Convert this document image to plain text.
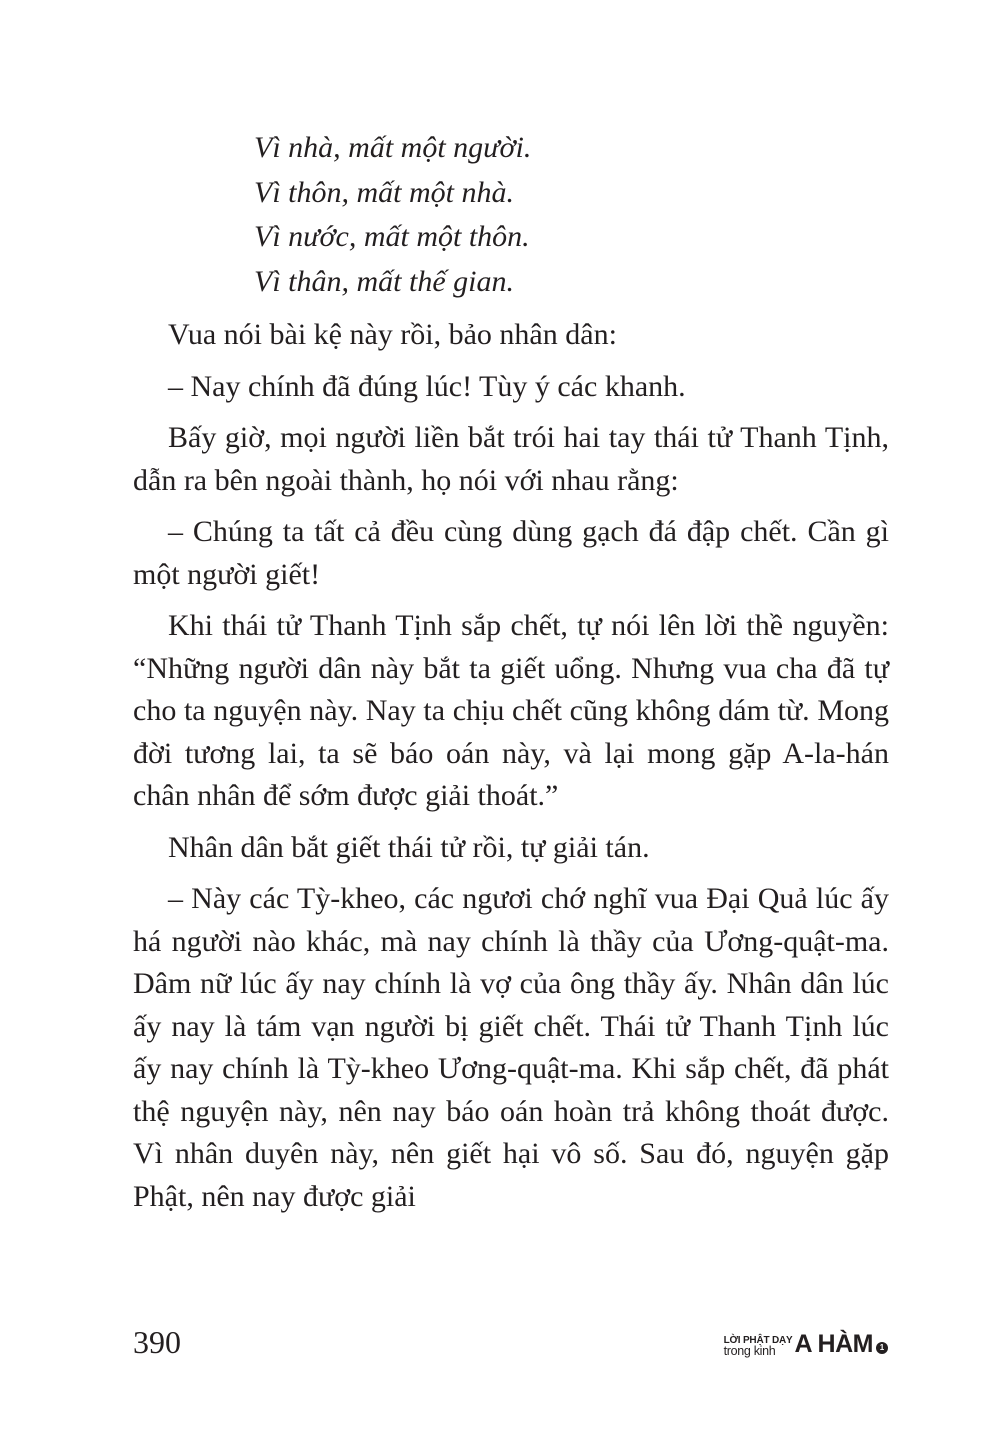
Vì nhà, mất một người.
Vì thôn, mất một nhà.
Vì nước, mất một thôn.
Vì thân, mất thế gian.

Vua nói bài kệ này rồi, bảo nhân dân:

– Nay chính đã đúng lúc! Tùy ý các khanh.

Bấy giờ, mọi người liền bắt trói hai tay thái tử Thanh Tịnh, dẫn ra bên ngoài thành, họ nói với nhau rằng:

– Chúng ta tất cả đều cùng dùng gạch đá đập chết. Cần gì một người giết!

Khi thái tử Thanh Tịnh sắp chết, tự nói lên lời thề nguyền: “Những người dân này bắt ta giết uổng. Nhưng vua cha đã tự cho ta nguyện này. Nay ta chịu chết cũng không dám từ. Mong đời tương lai, ta sẽ báo oán này, và lại mong gặp A-la-hán chân nhân để sớm được giải thoát.”

Nhân dân bắt giết thái tử rồi, tự giải tán.

– Này các Tỳ-kheo, các ngươi chớ nghĩ vua Đại Quả lúc ấy há người nào khác, mà nay chính là thầy của Ương-quật-ma. Dâm nữ lúc ấy nay chính là vợ của ông thầy ấy. Nhân dân lúc ấy nay là tám vạn người bị giết chết. Thái tử Thanh Tịnh lúc ấy nay chính là Tỳ-kheo Ương-quật-ma. Khi sắp chết, đã phát thệ nguyện này, nên nay báo oán hoàn trả không thoát được. Vì nhân duyên này, nên giết hại vô số. Sau đó, nguyện gặp Phật, nên nay được giải

390	LỜI PHẬT DẠY
trong kinh A HÀM 1
